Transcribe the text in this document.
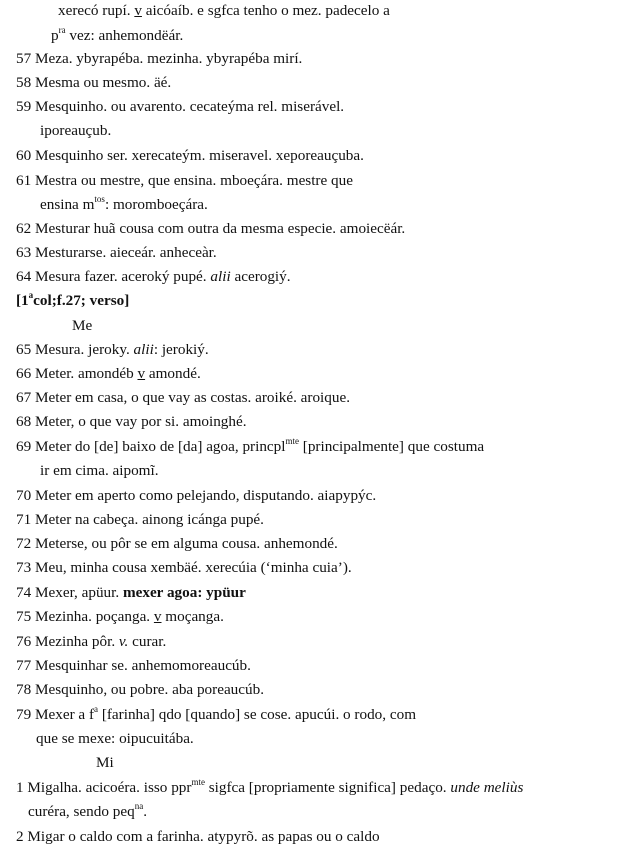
xerecó rupí. v aicóaíb. e sgfca tenho o mez. padecelo a
$p^{ra}$ vez: anhemondëár.
57 Meza. ybyrapéba. mezinha. ybyrapéba mirí.
58 Mesma ou mesmo. äé.
59 Mesquinho. ou avarento. cecateýma rel. miserável.
iporeauçub.
60 Mesquinho ser. xerecateým. miseravel. xeporeauçuba.
61 Mestra ou mestre, que ensina. mboeçára. mestre que
ensina $m^{tos}$: moromboeçára.
62 Mesturar huã cousa com outra da mesma especie. amoiecëár.
63 Mesturarse. aieceár. anheceàr.
64 Mesura fazer. aceroký pupé. alii acerogiý.
[1$^a$col;f.27; verso]
Me
65 Mesura. jeroky. alii: jerokiý.
66 Meter. amondéb v amondé.
67 Meter em casa, o que vay as costas. aroiké. aroique.
68 Meter, o que vay por si. amoinghé.
69 Meter do [de] baixo de [da] agoa, princpl$^{mte}$ [principalmente] que costuma
ir em cima. aipomĩ.
70 Meter em aperto como pelejando, disputando. aiapypýc.
71 Meter na cabeça. ainong icánga pupé.
72 Meterse, ou pôr se em alguma cousa. anhemondé.
73 Meu, minha cousa xembäé. xerecúia (‘minha cuia’).
74 Mexer, apüur. mexer agoa: ypüur
75 Mezinha. poçanga. v moçanga.
76 Mezinha pôr. v. curar.
77 Mesquinhar se. anhemomoreaucúb.
78 Mesquinho, ou pobre. aba poreaucúb.
79 Mexer a $f^a$ [farinha] qdo [quando] se cose. apucúi. o rodo, com
que se mexe: oipucuitába.
Mi
1 Migalha. acicoéra. isso ppr$^{mte}$ sigfca [propriamente significa] pedaço. unde meliùs
curéra, sendo peq$^{na}$.
2 Migar o caldo com a farinha. atypyrõ. as papas ou o caldo
